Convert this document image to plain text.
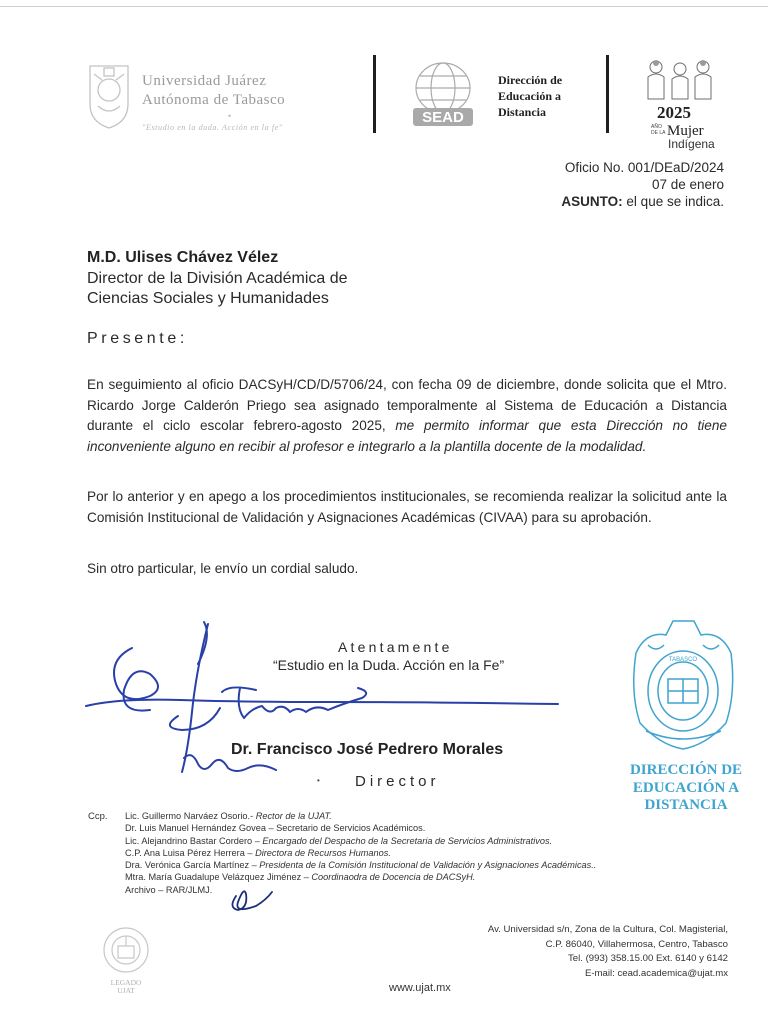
Universidad Juárez
Autónoma de Tabasco
•
"Estudio en la duda. Acción en la fe"
SEAD
Dirección de
Educación a
Distancia	2025
AÑO DE LA Mujer
Indígena
Oficio No. 001/DEaD/2024
07 de enero
ASUNTO: el que se indica.
M.D. Ulises Chávez Vélez
Director de la División Académica de
Ciencias Sociales y Humanidades
Presente:
En seguimiento al oficio DACSyH/CD/D/5706/24, con fecha 09 de diciembre, donde solicita que el Mtro. Ricardo Jorge Calderón Priego sea asignado temporalmente al Sistema de Educación a Distancia durante el ciclo escolar febrero-agosto 2025, me permito informar que esta Dirección no tiene inconveniente alguno en recibir al profesor e integrarlo a la plantilla docente de la modalidad.
Por lo anterior y en apego a los procedimientos institucionales, se recomienda realizar la solicitud ante la Comisión Institucional de Validación y Asignaciones Académicas (CIVAA) para su aprobación.
Sin otro particular, le envío un cordial saludo.
Atentamente
“Estudio en la Duda. Acción en la Fe”
Dr. Francisco José Pedrero Morales
• Director
TABASCO
DIRECCIÓN DE
EDUCACIÓN A
DISTANCIA
Ccp. Lic. Guillermo Narváez Osorio.- Rector de la UJAT.
Dr. Luis Manuel Hernández Govea – Secretario de Servicios Académicos.
Lic. Alejandrino Bastar Cordero – Encargado del Despacho de la Secretaria de Servicios Administrativos.
C.P. Ana Luisa Pérez Herrera – Directora de Recursos Humanos.
Dra. Verónica García Martínez – Presidenta de la Comisión Institucional de Validación y Asignaciones Académicas..
Mtra. María Guadalupe Velázquez Jiménez – Coordinaodra de Docencia de DACSyH.
Archivo – RAR/JLMJ.
LEGADO
UJAT
Av. Universidad s/n, Zona de la Cultura, Col. Magisterial,
C.P. 86040, Villahermosa, Centro, Tabasco
Tel. (993) 358.15.00 Ext. 6140 y 6142
E-mail: cead.academica@ujat.mx
www.ujat.mx
